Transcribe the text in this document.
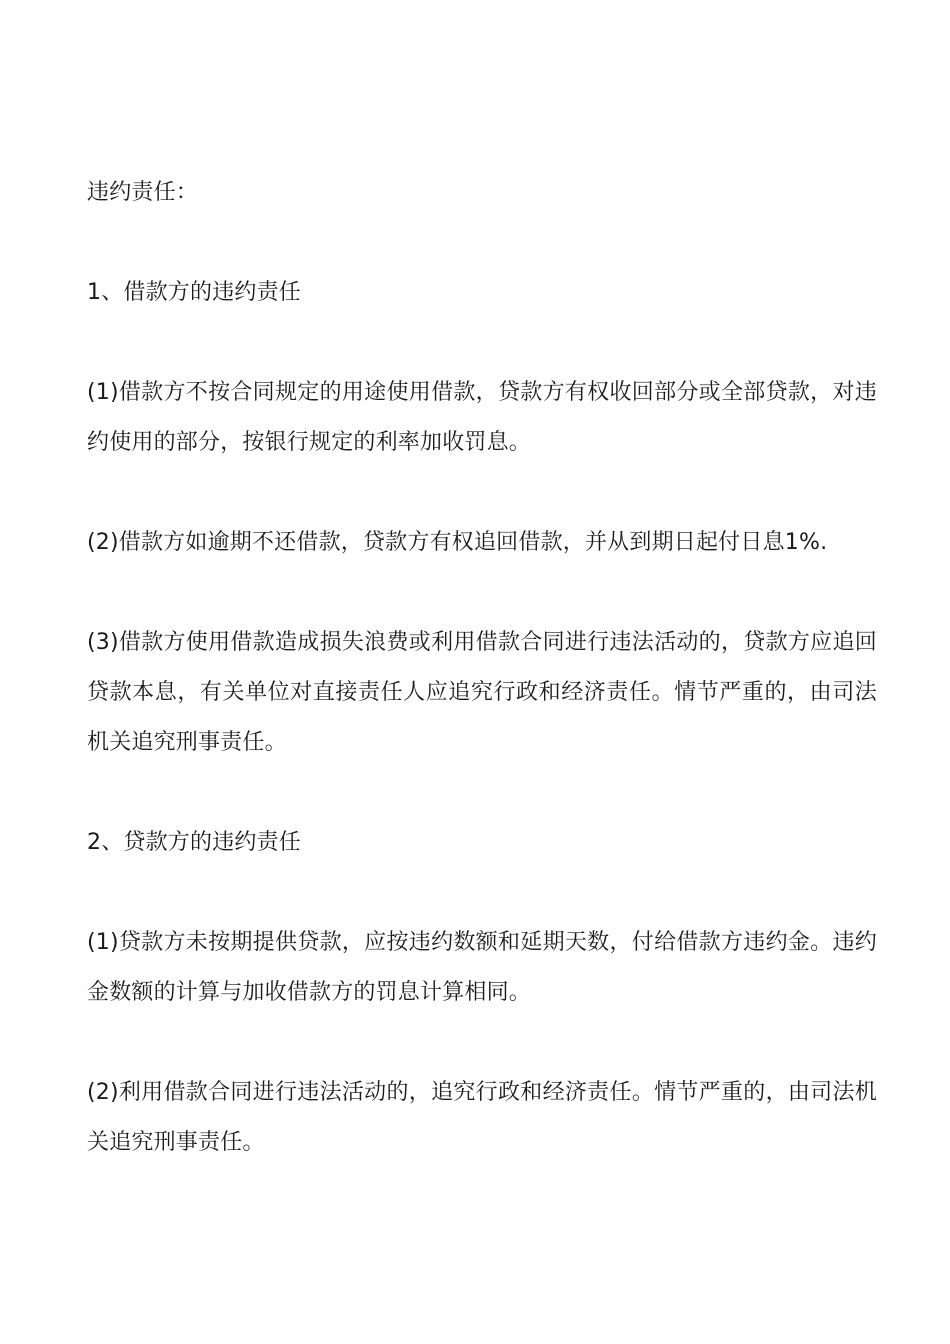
违约责任：

1、借款方的违约责任

(1)借款方不按合同规定的用途使用借款，贷款方有权收回部分或全部贷款，对违约使用的部分，按银行规定的利率加收罚息。

(2)借款方如逾期不还借款，贷款方有权追回借款，并从到期日起付日息1%.

(3)借款方使用借款造成损失浪费或利用借款合同进行违法活动的，贷款方应追回贷款本息，有关单位对直接责任人应追究行政和经济责任。情节严重的，由司法机关追究刑事责任。

2、贷款方的违约责任

(1)贷款方未按期提供贷款，应按违约数额和延期天数，付给借款方违约金。违约金数额的计算与加收借款方的罚息计算相同。

(2)利用借款合同进行违法活动的，追究行政和经济责任。情节严重的，由司法机关追究刑事责任。
